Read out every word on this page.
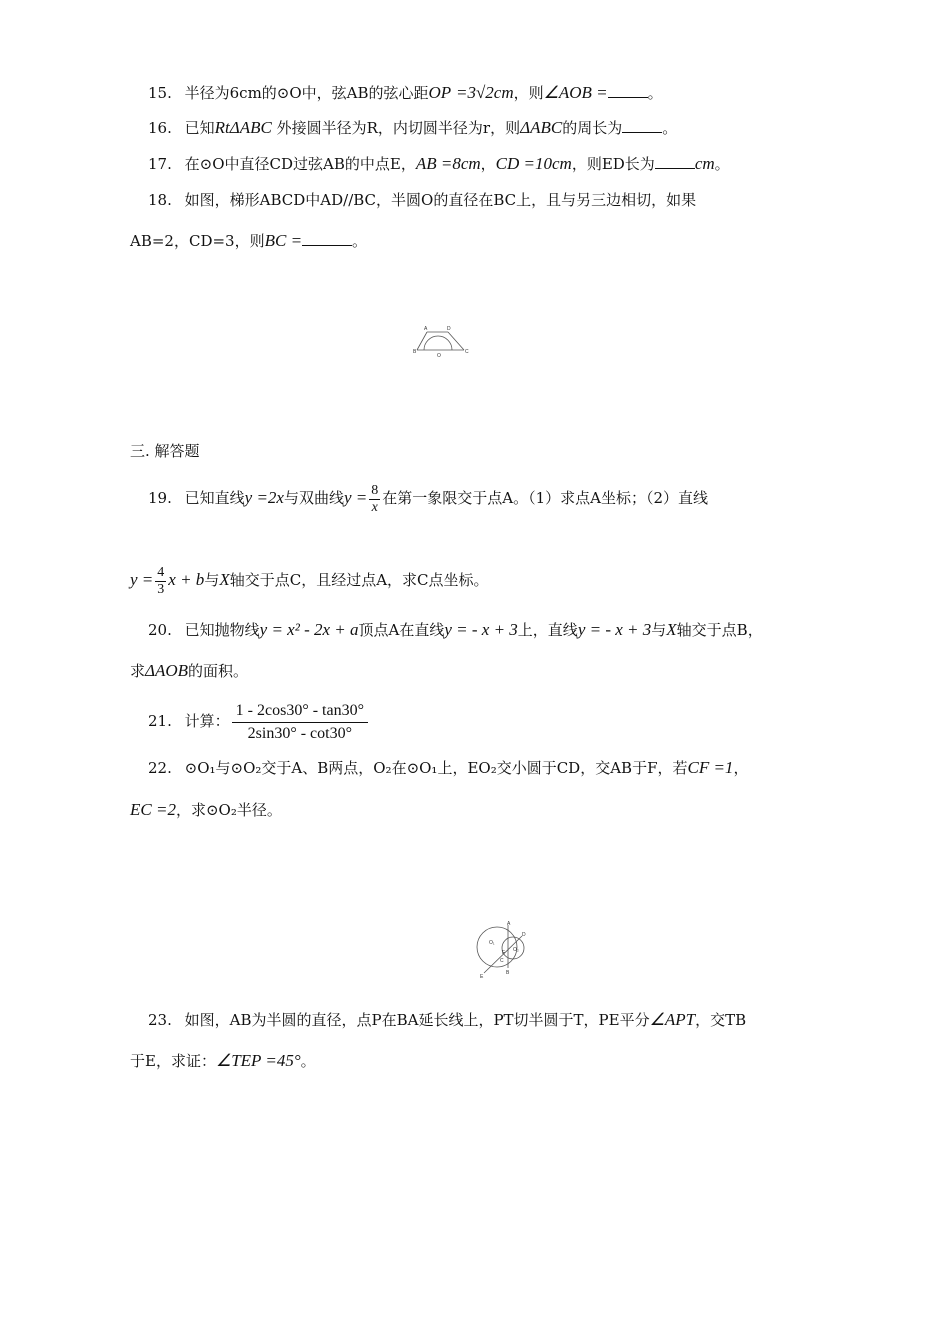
15. 半径为6cm的⊙O中，弦AB的弦心距OP =3√2cm，则∠AOB =	。
16. 已知RtΔABC 外接圆半径为R，内切圆半径为r，则ΔABC的周长为	。
17. 在⊙O中直径CD过弦AB的中点E，AB =8cm，CD =10cm，则ED长为 cm。
18. 如图，梯形ABCD中AD//BC，半圆O的直径在BC上，且与另三边相切，如果
AB=2，CD=3，则BC =	。
A	D
B
O
C
三. 解答题
19. 已知直线y =2x与双曲线$y = \frac{8}{x}$ 在第一象限交于点A。（1）求点A坐标；（2）直线
$y = \frac{4}{3}$ x + b与X轴交于点C，且经过点A，求C点坐标。
20. 已知抛物线y = x² - 2x + a顶点A在直线y = - x + 3上，直线y = - x + 3与X轴交于点B，
求ΔAOB的面积。
21. 计算： $\frac{1 - 2\cos 30^\circ - \tan 30^\circ}{2\sin 30^\circ - \cot 30^\circ}$
22. ⊙O₁与⊙O₂交于A、B两点，O₂在⊙O₁上，EO₂交小圆于CD，交AB于F，若CF =1，
EC =2，求⊙O₂半径。
O₁
A
D
O₂
F
C
B
E
23. 如图，AB为半圆的直径，点P在BA延长线上，PT切半圆于T，PE平分∠APT，交TB
于E，求证：∠TEP =45°。
